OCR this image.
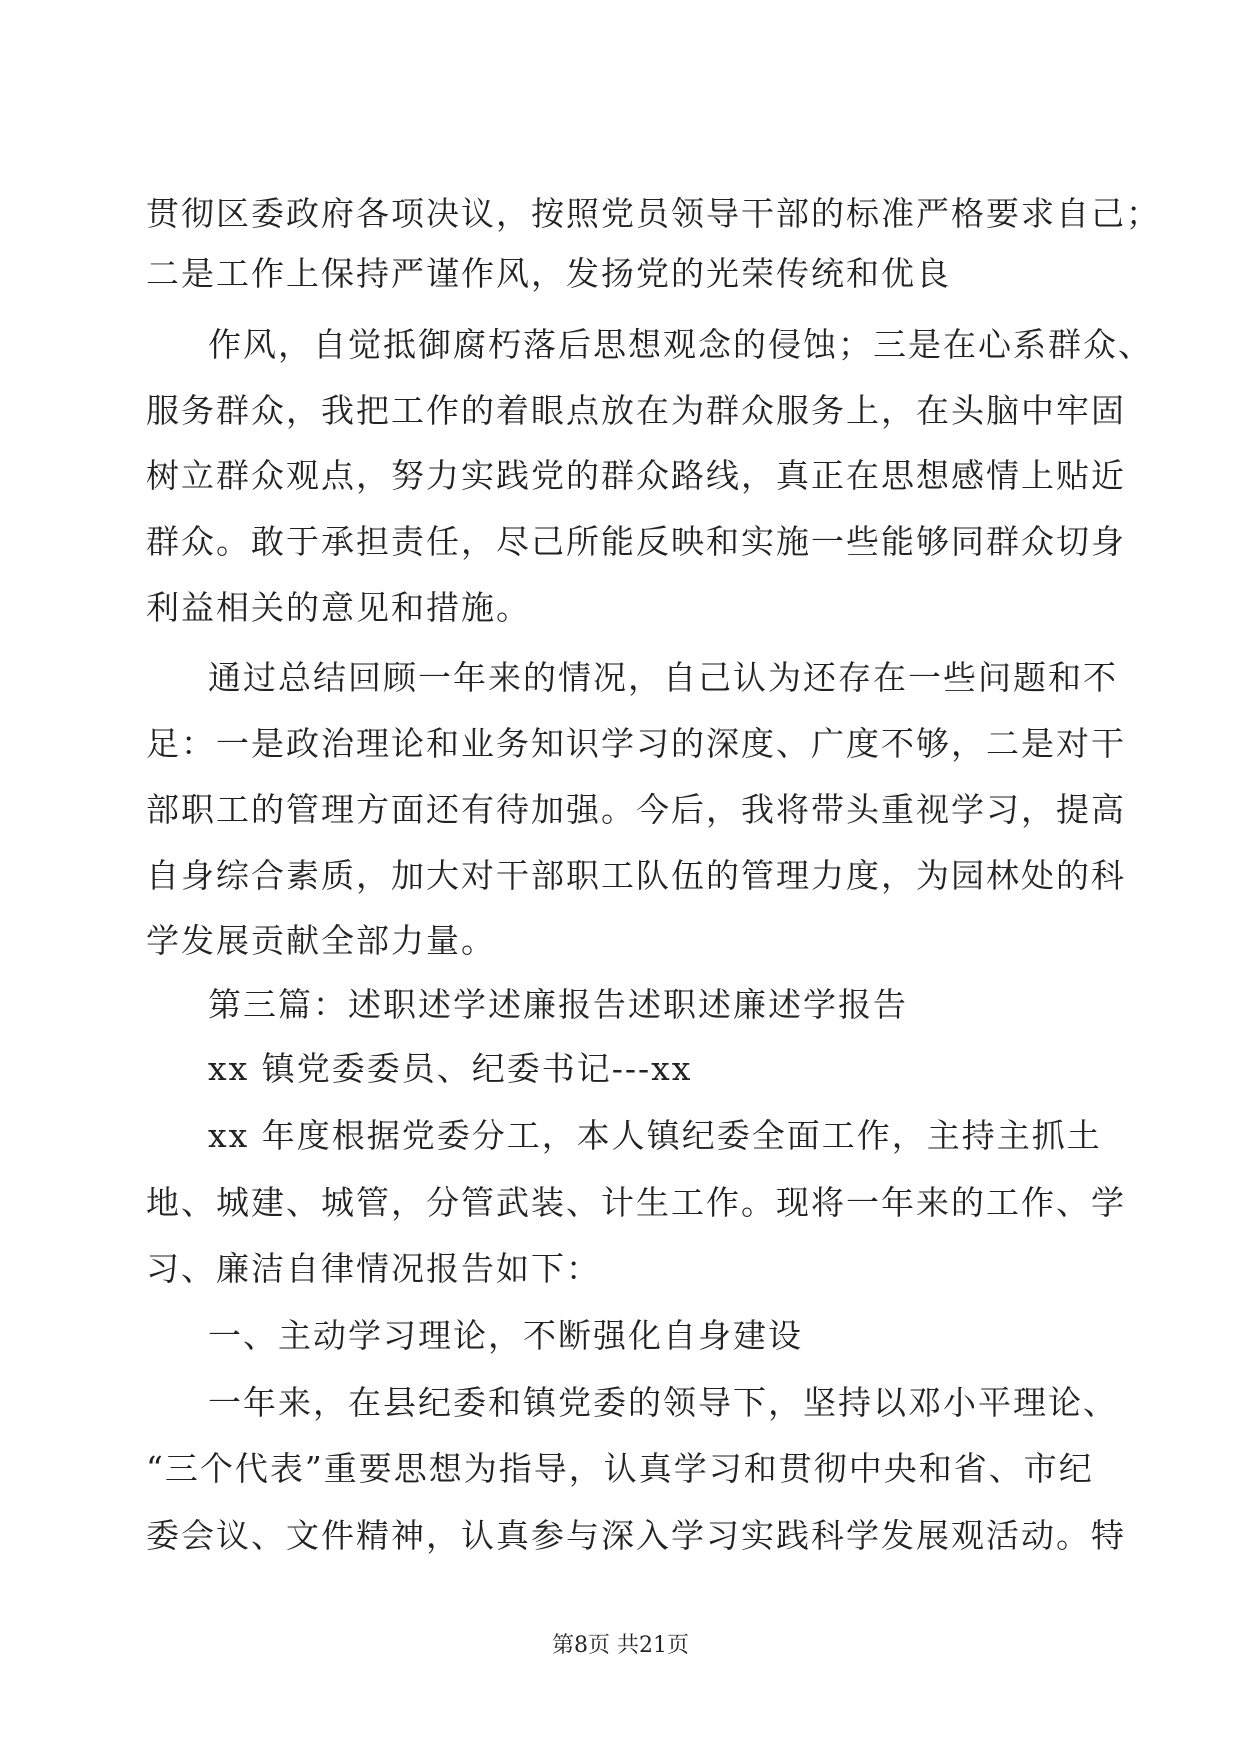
贯彻区委政府各项决议，按照党员领导干部的标准严格要求自己；
二是工作上保持严谨作风，发扬党的光荣传统和优良
作风，自觉抵御腐朽落后思想观念的侵蚀；三是在心系群众、
服务群众，我把工作的着眼点放在为群众服务上，在头脑中牢固
树立群众观点，努力实践党的群众路线，真正在思想感情上贴近
群众。敢于承担责任，尽己所能反映和实施一些能够同群众切身
利益相关的意见和措施。
通过总结回顾一年来的情况，自己认为还存在一些问题和不
足：一是政治理论和业务知识学习的深度、广度不够，二是对干
部职工的管理方面还有待加强。今后，我将带头重视学习，提高
自身综合素质，加大对干部职工队伍的管理力度，为园林处的科
学发展贡献全部力量。
第三篇：述职述学述廉报告述职述廉述学报告
xx 镇党委委员、纪委书记---xx
xx 年度根据党委分工，本人镇纪委全面工作，主持主抓土
地、城建、城管，分管武装、计生工作。现将一年来的工作、学
习、廉洁自律情况报告如下：
一、主动学习理论，不断强化自身建设
一年来，在县纪委和镇党委的领导下，坚持以邓小平理论、
“三个代表”重要思想为指导，认真学习和贯彻中央和省、市纪
委会议、文件精神，认真参与深入学习实践科学发展观活动。特
第8页 共21页
